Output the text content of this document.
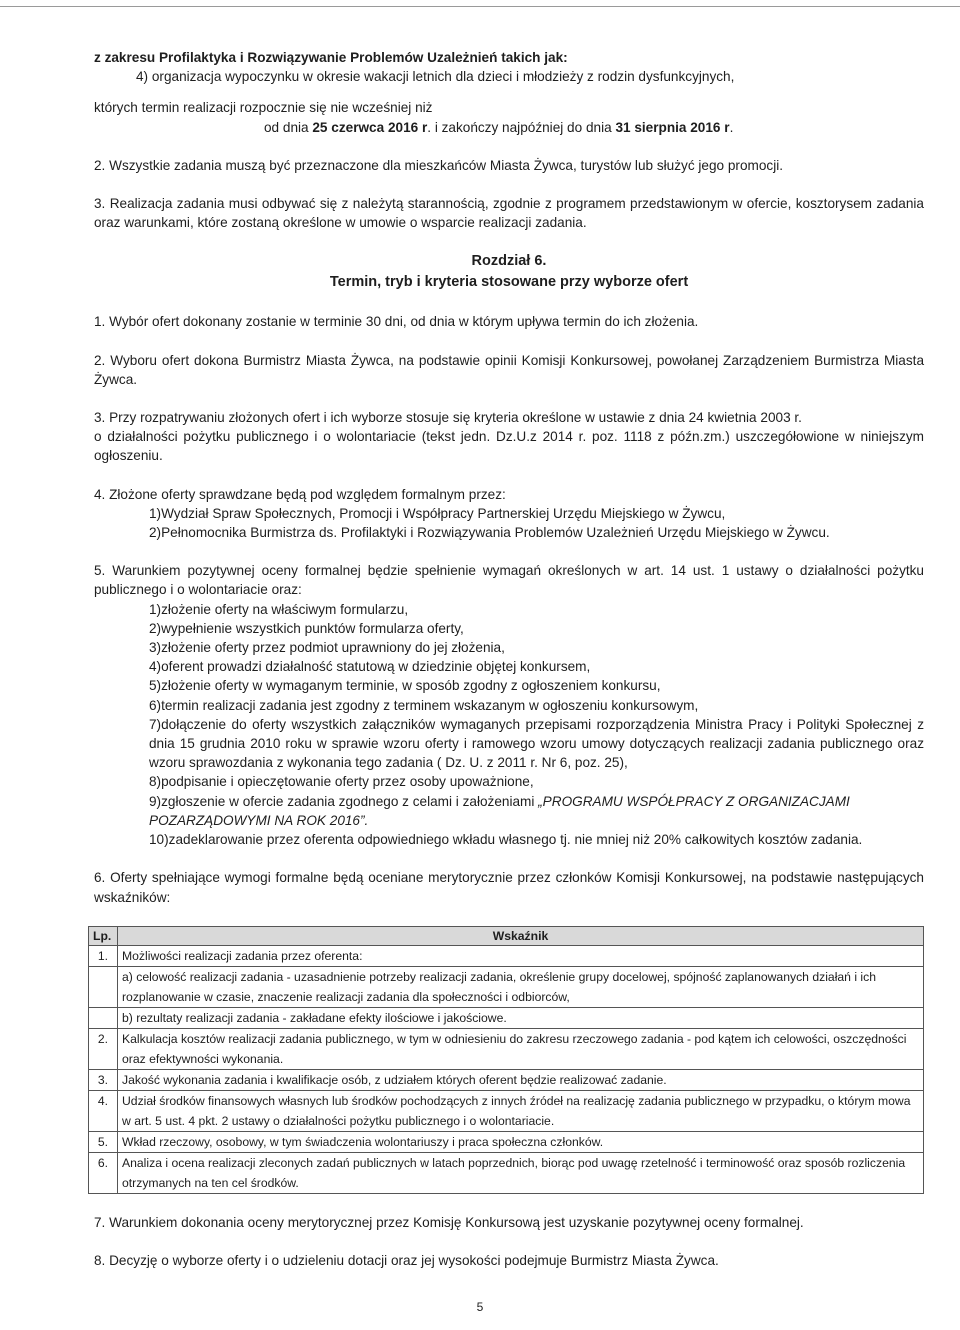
z zakresu Profilaktyka i Rozwiązywanie Problemów Uzależnień takich jak:
4) organizacja wypoczynku w okresie wakacji letnich dla dzieci i młodzieży z rodzin dysfunkcyjnych,
których termin realizacji rozpocznie się nie wcześniej niż
od dnia 25 czerwca 2016 r. i zakończy najpóźniej do dnia 31 sierpnia 2016 r.
2. Wszystkie zadania muszą być przeznaczone dla mieszkańców Miasta Żywca, turystów lub służyć jego promocji.
3. Realizacja zadania musi odbywać się z należytą starannością, zgodnie z programem przedstawionym w ofercie, kosztorysem zadania oraz warunkami, które zostaną określone w umowie o wsparcie realizacji zadania.
Rozdział 6.
Termin, tryb i kryteria stosowane przy wyborze ofert
1. Wybór ofert dokonany zostanie w terminie 30 dni, od dnia w którym upływa termin do ich złożenia.
2. Wyboru ofert dokona Burmistrz Miasta Żywca, na podstawie opinii Komisji Konkursowej, powołanej Zarządzeniem Burmistrza Miasta Żywca.
3. Przy rozpatrywaniu złożonych ofert i ich wyborze stosuje się kryteria określone w ustawie z dnia 24 kwietnia 2003 r.
o działalności pożytku publicznego i o wolontariacie (tekst jedn. Dz.U.z 2014 r. poz. 1118 z późn.zm.) uszczegółowione w niniejszym ogłoszeniu.
4. Złożone oferty sprawdzane będą pod względem formalnym przez:
1)Wydział Spraw Społecznych, Promocji i Współpracy Partnerskiej Urzędu Miejskiego w Żywcu,
2)Pełnomocnika Burmistrza ds. Profilaktyki i Rozwiązywania Problemów Uzależnień Urzędu Miejskiego w Żywcu.
5. Warunkiem pozytywnej oceny formalnej będzie spełnienie wymagań określonych w art. 14 ust. 1 ustawy o działalności pożytku publicznego i o wolontariacie oraz:
1)złożenie oferty na właściwym formularzu,
2)wypełnienie wszystkich punktów formularza oferty,
3)złożenie oferty przez podmiot uprawniony do jej złożenia,
4)oferent prowadzi działalność statutową w dziedzinie objętej konkursem,
5)złożenie oferty w wymaganym terminie, w sposób zgodny z ogłoszeniem konkursu,
6)termin realizacji zadania jest zgodny z terminem wskazanym w ogłoszeniu konkursowym,
7)dołączenie do oferty wszystkich załączników wymaganych przepisami rozporządzenia Ministra Pracy i Polityki Społecznej z dnia 15 grudnia 2010 roku w sprawie wzoru oferty i ramowego wzoru umowy dotyczących realizacji zadania publicznego oraz wzoru sprawozdania z wykonania tego zadania ( Dz. U. z 2011 r. Nr 6, poz. 25),
8)podpisanie i opieczętowanie oferty przez osoby upoważnione,
9)zgłoszenie w ofercie zadania zgodnego z celami i założeniami „PROGRAMU WSPÓŁPRACY Z ORGANIZACJAMI POZARZĄDOWYMI NA ROK 2016”.
10)zadeklarowanie przez oferenta odpowiedniego wkładu własnego tj. nie mniej niż 20% całkowitych kosztów zadania.
6. Oferty spełniające wymogi formalne będą oceniane merytorycznie przez członków Komisji Konkursowej, na podstawie następujących wskaźników:
Lp.	Wskaźnik
1.	Możliwości realizacji zadania przez oferenta:
	a) celowość realizacji zadania - uzasadnienie potrzeby realizacji zadania, określenie grupy docelowej, spójność zaplanowanych działań i ich rozplanowanie w czasie, znaczenie realizacji zadania dla społeczności i odbiorców,
	b) rezultaty realizacji zadania - zakładane efekty ilościowe i jakościowe.
2.	Kalkulacja kosztów realizacji zadania publicznego, w tym w odniesieniu do zakresu rzeczowego zadania - pod kątem ich celowości, oszczędności oraz efektywności wykonania.
3.	Jakość wykonania zadania i kwalifikacje osób, z udziałem których oferent będzie realizować zadanie.
4.	Udział środków finansowych własnych lub środków pochodzących z innych źródeł na realizację zadania publicznego w przypadku, o którym mowa w art. 5 ust. 4 pkt. 2 ustawy o działalności pożytku publicznego i o wolontariacie.
5.	Wkład rzeczowy, osobowy, w tym świadczenia wolontariuszy i praca społeczna członków.
6.	Analiza i ocena realizacji zleconych zadań publicznych w latach poprzednich, biorąc pod uwagę rzetelność i terminowość oraz sposób rozliczenia otrzymanych na ten cel środków.
7. Warunkiem dokonania oceny merytorycznej przez Komisję Konkursową jest uzyskanie pozytywnej oceny formalnej.
8. Decyzję o wyborze oferty i o udzieleniu dotacji oraz jej wysokości podejmuje Burmistrz Miasta Żywca.
5
